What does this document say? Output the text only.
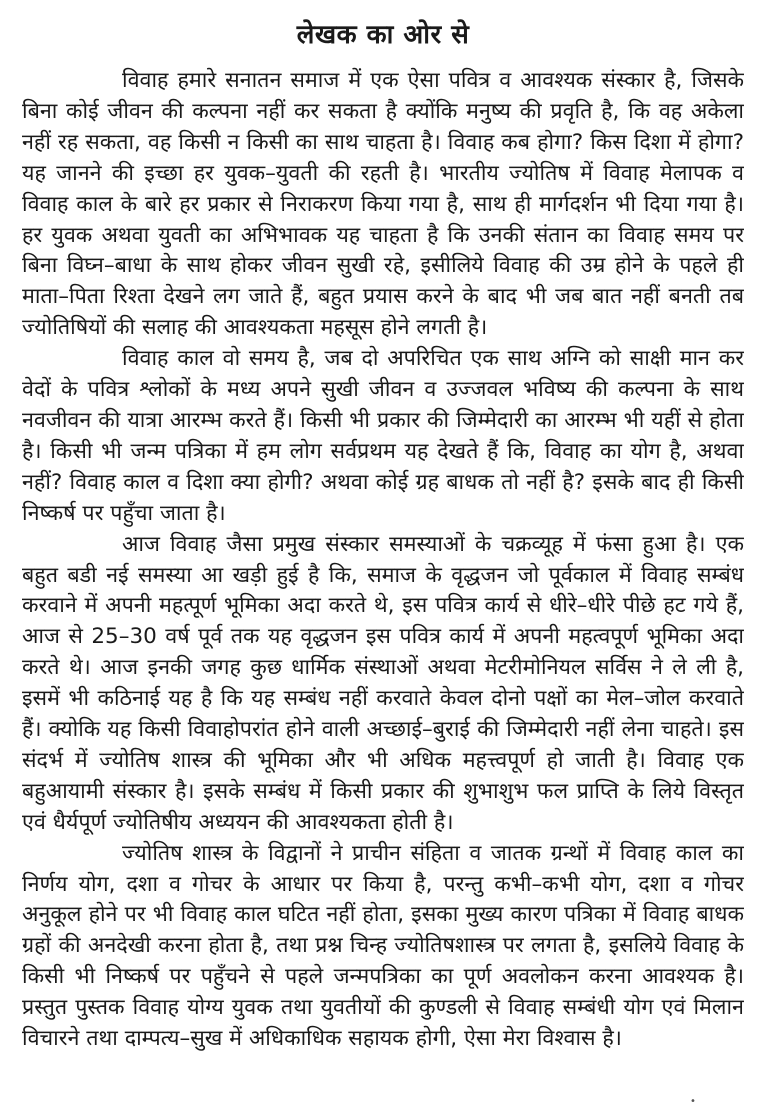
लेखक का ओर से

विवाह हमारे सनातन समाज में एक ऐसा पवित्र व आवश्यक संस्कार है, जिसके बिना कोई जीवन की कल्पना नहीं कर सकता है क्योंकि मनुष्य की प्रवृति है, कि वह अकेला नहीं रह सकता, वह किसी न किसी का साथ चाहता है। विवाह कब होगा? किस दिशा में होगा? यह जानने की इच्छा हर युवक–युवती की रहती है। भारतीय ज्योतिष में विवाह मेलापक व विवाह काल के बारे हर प्रकार से निराकरण किया गया है, साथ ही मार्गदर्शन भी दिया गया है। हर युवक अथवा युवती का अभिभावक यह चाहता है कि उनकी संतान का विवाह समय पर बिना विघ्न–बाधा के साथ होकर जीवन सुखी रहे, इसीलिये विवाह की उम्र होने के पहले ही माता–पिता रिश्ता देखने लग जाते हैं, बहुत प्रयास करने के बाद भी जब बात नहीं बनती तब ज्योतिषियों की सलाह की आवश्यकता महसूस होने लगती है।

विवाह काल वो समय है, जब दो अपरिचित एक साथ अग्नि को साक्षी मान कर वेदों के पवित्र श्लोकों के मध्य अपने सुखी जीवन व उज्जवल भविष्य की कल्पना के साथ नवजीवन की यात्रा आरम्भ करते हैं। किसी भी प्रकार की जिम्मेदारी का आरम्भ भी यहीं से होता है। किसी भी जन्म पत्रिका में हम लोग सर्वप्रथम यह देखते हैं कि, विवाह का योग है, अथवा नहीं? विवाह काल व दिशा क्या होगी? अथवा कोई ग्रह बाधक तो नहीं है? इसके बाद ही किसी निष्कर्ष पर पहुँचा जाता है।

आज विवाह जैसा प्रमुख संस्कार समस्याओं के चक्रव्यूह में फंसा हुआ है। एक बहुत बडी नई समस्या आ खड़ी हुई है कि, समाज के वृद्धजन जो पूर्वकाल में विवाह सम्बंध करवाने में अपनी महत्पूर्ण भूमिका अदा करते थे, इस पवित्र कार्य से धीरे–धीरे पीछे हट गये हैं, आज से 25–30 वर्ष पूर्व तक यह वृद्धजन इस पवित्र कार्य में अपनी महत्वपूर्ण भूमिका अदा करते थे। आज इनकी जगह कुछ धार्मिक संस्थाओं अथवा मेटरीमोनियल सर्विस ने ले ली है, इसमें भी कठिनाई यह है कि यह सम्बंध नहीं करवाते केवल दोनो पक्षों का मेल–जोल करवाते हैं। क्योकि यह किसी विवाहोपरांत होने वाली अच्छाई–बुराई की जिम्मेदारी नहीं लेना चाहते। इस संदर्भ में ज्योतिष शास्त्र की भूमिका और भी अधिक महत्त्वपूर्ण हो जाती है। विवाह एक बहुआयामी संस्कार है। इसके सम्बंध में किसी प्रकार की शुभाशुभ फल प्राप्ति के लिये विस्तृत एवं धैर्यपूर्ण ज्योतिषीय अध्ययन की आवश्यकता होती है।

ज्योतिष शास्त्र के विद्वानों ने प्राचीन संहिता व जातक ग्रन्थों में विवाह काल का निर्णय योग, दशा व गोचर के आधार पर किया है, परन्तु कभी–कभी योग, दशा व गोचर अनुकूल होने पर भी विवाह काल घटित नहीं होता, इसका मुख्य कारण पत्रिका में विवाह बाधक ग्रहों की अनदेखी करना होता है, तथा प्रश्न चिन्ह ज्योतिषशास्त्र पर लगता है, इसलिये विवाह के किसी भी निष्कर्ष पर पहुँचने से पहले जन्मपत्रिका का पूर्ण अवलोकन करना आवश्यक है। प्रस्तुत पुस्तक विवाह योग्य युवक तथा युवतीयों की कुण्डली से विवाह सम्बंधी योग एवं मिलान विचारने तथा दाम्पत्य–सुख में अधिकाधिक सहायक होगी, ऐसा मेरा विश्वास है।

•
